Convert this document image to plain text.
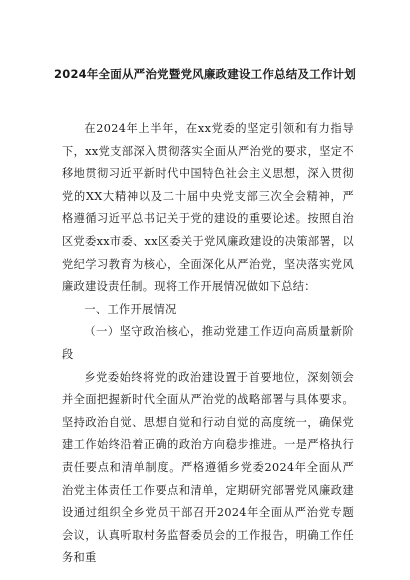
2024年全面从严治党暨党风廉政建设工作总结及工作计划

在2024年上半年，在xx党委的坚定引领和有力指导下，xx党支部深入贯彻落实全面从严治党的要求，坚定不移地贯彻习近平新时代中国特色社会主义思想，深入贯彻党的XX大精神以及二十届中央党支部三次全会精神，严格遵循习近平总书记关于党的建设的重要论述。按照自治区党委xx市委、xx区委关于党风廉政建设的决策部署，以党纪学习教育为核心，全面深化从严治党，坚决落实党风廉政建设责任制。现将工作开展情况做如下总结：

一、工作开展情况

（一）坚守政治核心，推动党建工作迈向高质量新阶段

乡党委始终将党的政治建设置于首要地位，深刻领会并全面把握新时代全面从严治党的战略部署与具体要求。坚持政治自觉、思想自觉和行动自觉的高度统一，确保党建工作始终沿着正确的政治方向稳步推进。一是严格执行责任要点和清单制度。严格遵循乡党委2024年全面从严治党主体责任工作要点和清单，定期研究部署党风廉政建设通过组织全乡党员干部召开2024年全面从严治党专题会议，认真听取村务监督委员会的工作报告，明确工作任务和重
